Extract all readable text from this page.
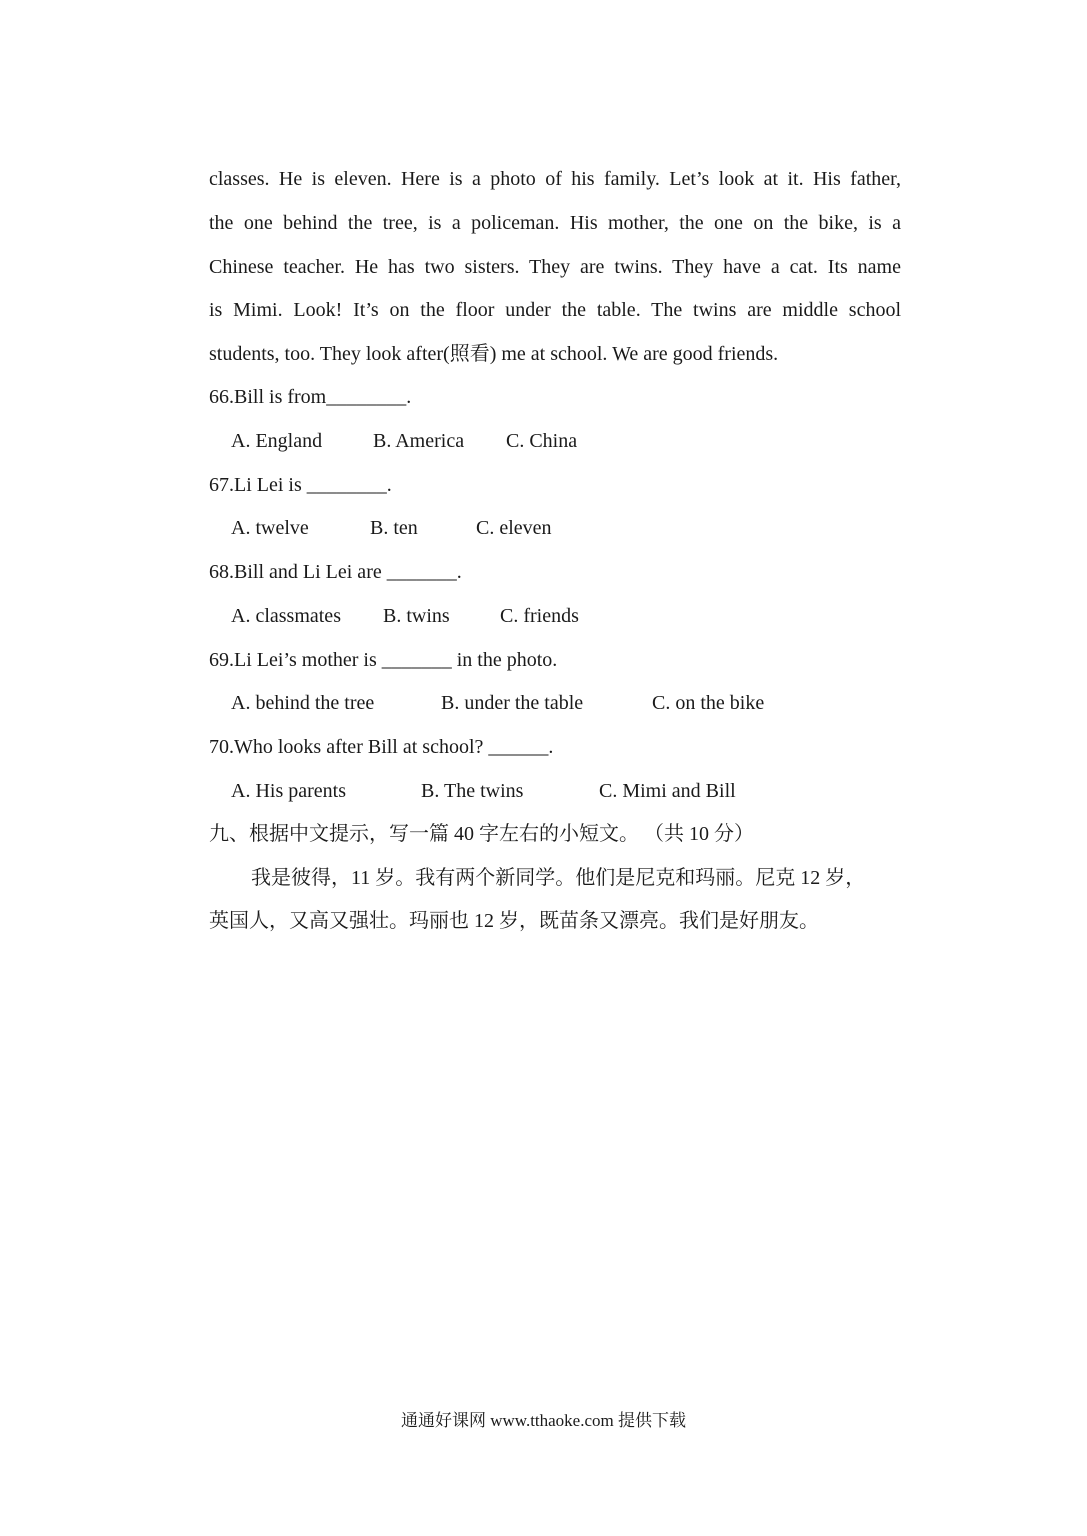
classes. He is eleven. Here is a photo of his family. Let’s look at it. His father,
the one behind the tree, is a policeman. His mother, the one on the bike, is a
Chinese teacher. He has two sisters. They are twins. They have a cat. Its name
is Mimi. Look! It’s on the floor under the table. The twins are middle school
students, too. They look after(照看) me at school. We are good friends.
66.Bill is from________.
A. England	B. America C. China
67.Li Lei is ________.
A. twelve	B. ten	C. eleven
68.Bill and Li Lei are _______.
A. classmates B. twins	C. friends
69.Li Lei’s mother is _______ in the photo.
A. behind the tree	B. under the table	C. on the bike
70.Who looks after Bill at school? ______.
A. His parents	B. The twins	C. Mimi and Bill
九、根据中文提示，写一篇 40 字左右的小短文。 （共 10 分）
我是彼得，11 岁。我有两个新同学。他们是尼克和玛丽。尼克 12 岁，
英国人，又高又强壮。玛丽也 12 岁，既苗条又漂亮。我们是好朋友。
通通好课网 www.tthaoke.com 提供下载
